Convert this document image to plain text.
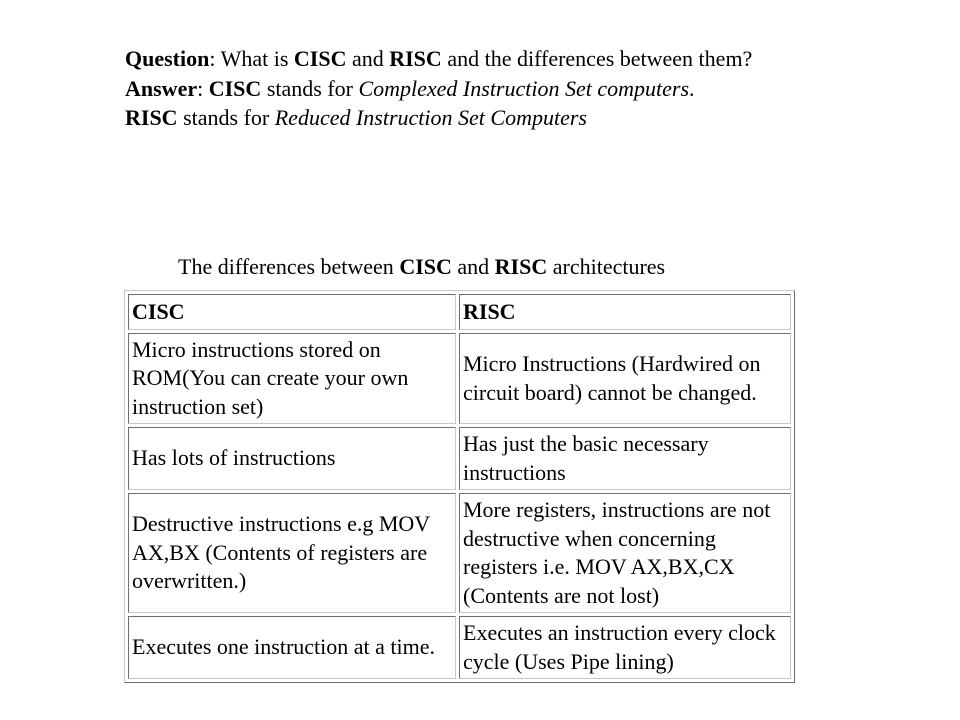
Question: What is CISC and RISC and the differences between them?

Answer: CISC stands for Complexed Instruction Set computers.
RISC stands for Reduced Instruction Set Computers

The differences between CISC and RISC architectures
CISC	RISC
Micro instructions stored on ROM(You can create your own instruction set)	Micro Instructions (Hardwired on circuit board) cannot be changed.
Has lots of instructions	Has just the basic necessary instructions
Destructive instructions e.g MOV AX,BX (Contents of registers are overwritten.)	More registers, instructions are not destructive when concerning registers i.e. MOV AX,BX,CX (Contents are not lost)
Executes one instruction at a time.	Executes an instruction every clock cycle (Uses Pipe lining)
